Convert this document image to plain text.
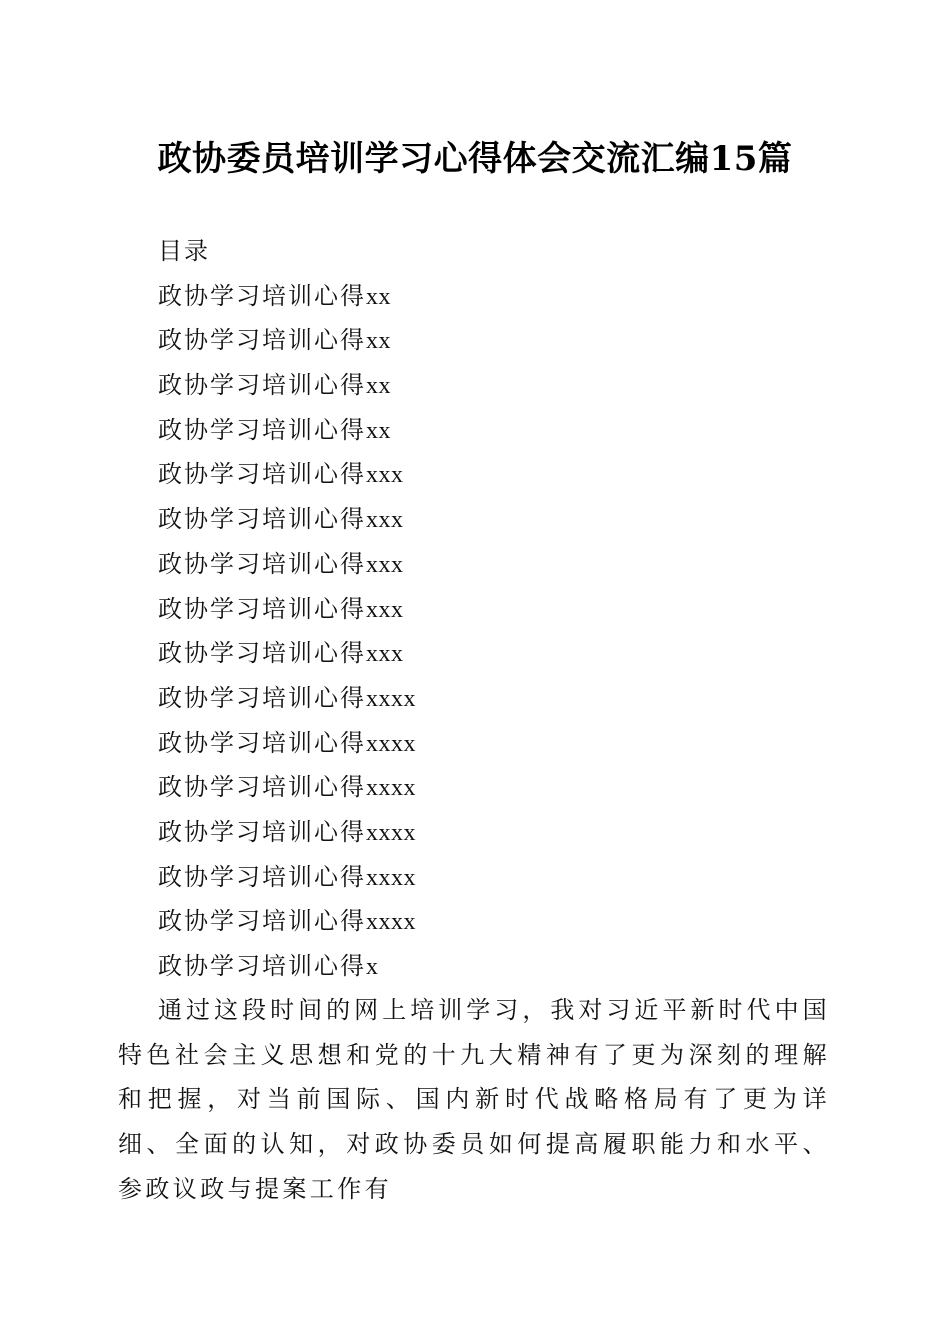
政协委员培训学习心得体会交流汇编15篇
目录
政协学习培训心得xx
政协学习培训心得xx
政协学习培训心得xx
政协学习培训心得xx
政协学习培训心得xxx
政协学习培训心得xxx
政协学习培训心得xxx
政协学习培训心得xxx
政协学习培训心得xxx
政协学习培训心得xxxx
政协学习培训心得xxxx
政协学习培训心得xxxx
政协学习培训心得xxxx
政协学习培训心得xxxx
政协学习培训心得xxxx
政协学习培训心得x

通过这段时间的网上培训学习，我对习近平新时代中国特色社会主义思想和党的十九大精神有了更为深刻的理解和把握，对当前国际、国内新时代战略格局有了更为详细、全面的认知，对政协委员如何提高履职能力和水平、参政议政与提案工作有
